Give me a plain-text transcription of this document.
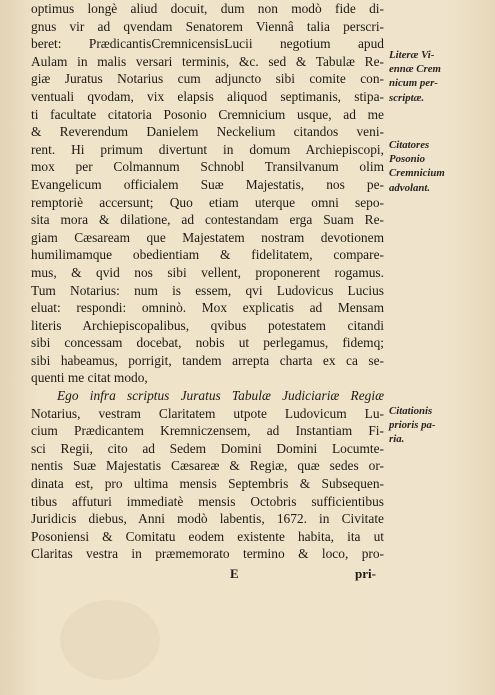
optimus longè aliud docuit, dum non modò fide di-
gnus vir ad qvendam Senatorem Viennâ talia perscri-
beret: PrædicantisCremnicensisLucii negotium apud
Aulam in malis versari terminis, &c. sed & Tabulæ Re-
giæ Juratus Notarius cum adjuncto sibi comite con-
ventuali qvodam, vix elapsis aliquod septimanis, stipa-
ti facultate citatoria Posonio Cremnicium usque, ad me
& Reverendum Danielem Neckelium citandos veni-
rent. Hi primum divertunt in domum Archiepiscopi,
mox per Colmannum Schnobl Transilvanum olim
Evangelicum officialem Suæ Majestatis, nos pe-
remptoriè accersunt; Quo etiam uterque omni sepo-
sita mora & dilatione, ad contestandam erga Suam Re-
giam Cæsaream que Majestatem nostram devotionem
humilimamque obedientiam & fidelitatem, compare-
mus, & qvid nos sibi vellent, proponerent rogamus.
Tum Notarius: num is essem, qvi Ludovicus Lucius
eluat: respondi: omninò. Mox explicatis ad Mensam
literis Archiepiscopalibus, qvibus potestatem citandi
sibi concessam docebat, nobis ut perlegamus, fidemq;
sibi habeamus, porrigit, tandem arrepta charta ex ca se-
quenti me citat modo,
Ego infra scriptus Juratus Tabulæ Judiciariæ Regiæ
Notarius, vestram Claritatem utpote Ludovicum Lu-
cium Prædicantem Kremniczensem, ad Instantiam Fi-
sci Regii, cito ad Sedem Domini Domini Locumte-
nentis Suæ Majestatis Cæsareæ & Regiæ, quæ sedes or-
dinata est, pro ultima mensis Septembris & Subsequen-
tibus affuturi immediatè mensis Octobris sufficientibus
Juridicis diebus, Anni modò labentis, 1672. in Civitate
Posoniensi & Comitatu eodem existente habita, ita ut
Claritas vestra in præmemorato termino & loco, pro-
E	pri-
Literæ Vi-
ennæ Crem
nicum per-
scriptæ.
Citatores
Posonio
Cremnicium
advolant.
Citationis
prioris pa-
ria.
